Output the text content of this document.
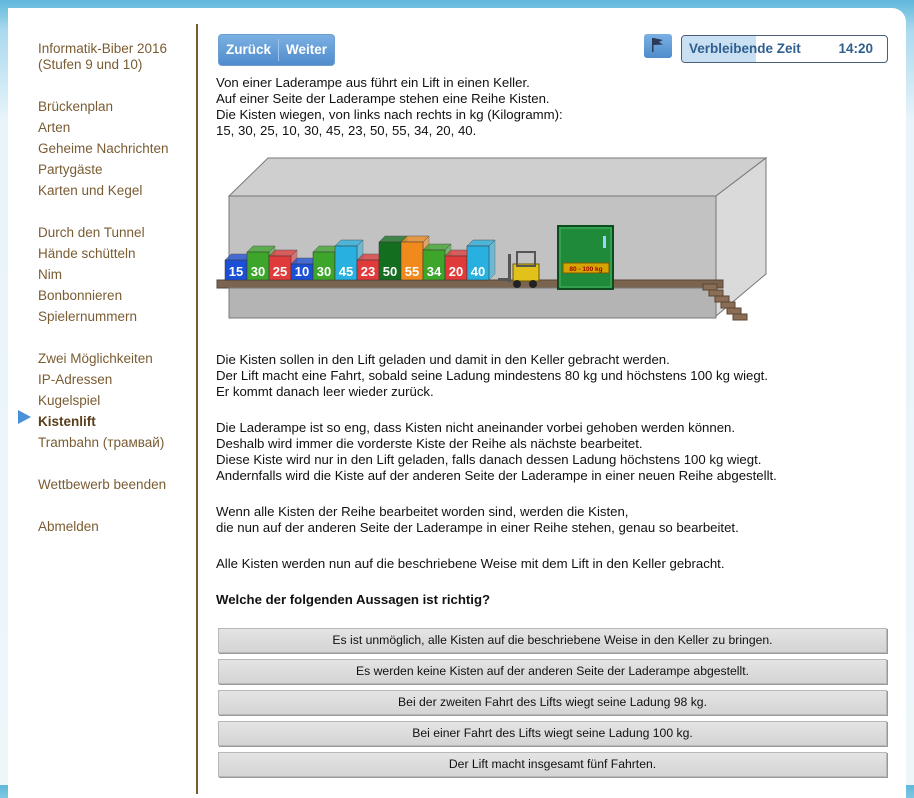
Informatik-Biber 2016
(Stufen 9 und 10)
Brückenplan
Arten
Geheime Nachrichten
Partygäste
Karten und Kegel
Durch den Tunnel
Hände schütteln
Nim
Bonbonnieren
Spielernummern
Zwei Möglichkeiten
IP-Adressen
Kugelspiel
Kistenlift
Trambahn (трамвай)
Wettbewerb beenden
Abmelden
Zurück	Weiter	Verbleibende Zeit	14:20
Von einer Laderampe aus führt ein Lift in einen Keller.
Auf einer Seite der Laderampe stehen eine Reihe Kisten.
Die Kisten wiegen, von links nach rechts in kg (Kilogramm):
15, 30, 25, 10, 30, 45, 23, 50, 55, 34, 20, 40.
80 - 100 kg
15 30 25 10 30 45 23 50 55 34 20 40
Die Kisten sollen in den Lift geladen und damit in den Keller gebracht werden.
Der Lift macht eine Fahrt, sobald seine Ladung mindestens 80 kg und höchstens 100 kg wiegt.
Er kommt danach leer wieder zurück.
Die Laderampe ist so eng, dass Kisten nicht aneinander vorbei gehoben werden können.
Deshalb wird immer die vorderste Kiste der Reihe als nächste bearbeitet.
Diese Kiste wird nur in den Lift geladen, falls danach dessen Ladung höchstens 100 kg wiegt.
Andernfalls wird die Kiste auf der anderen Seite der Laderampe in einer neuen Reihe abgestellt.
Wenn alle Kisten der Reihe bearbeitet worden sind, werden die Kisten,
die nun auf der anderen Seite der Laderampe in einer Reihe stehen, genau so bearbeitet.
Alle Kisten werden nun auf die beschriebene Weise mit dem Lift in den Keller gebracht.
Welche der folgenden Aussagen ist richtig?
Es ist unmöglich, alle Kisten auf die beschriebene Weise in den Keller zu bringen.
Es werden keine Kisten auf der anderen Seite der Laderampe abgestellt.
Bei der zweiten Fahrt des Lifts wiegt seine Ladung 98 kg.
Bei einer Fahrt des Lifts wiegt seine Ladung 100 kg.
Der Lift macht insgesamt fünf Fahrten.
